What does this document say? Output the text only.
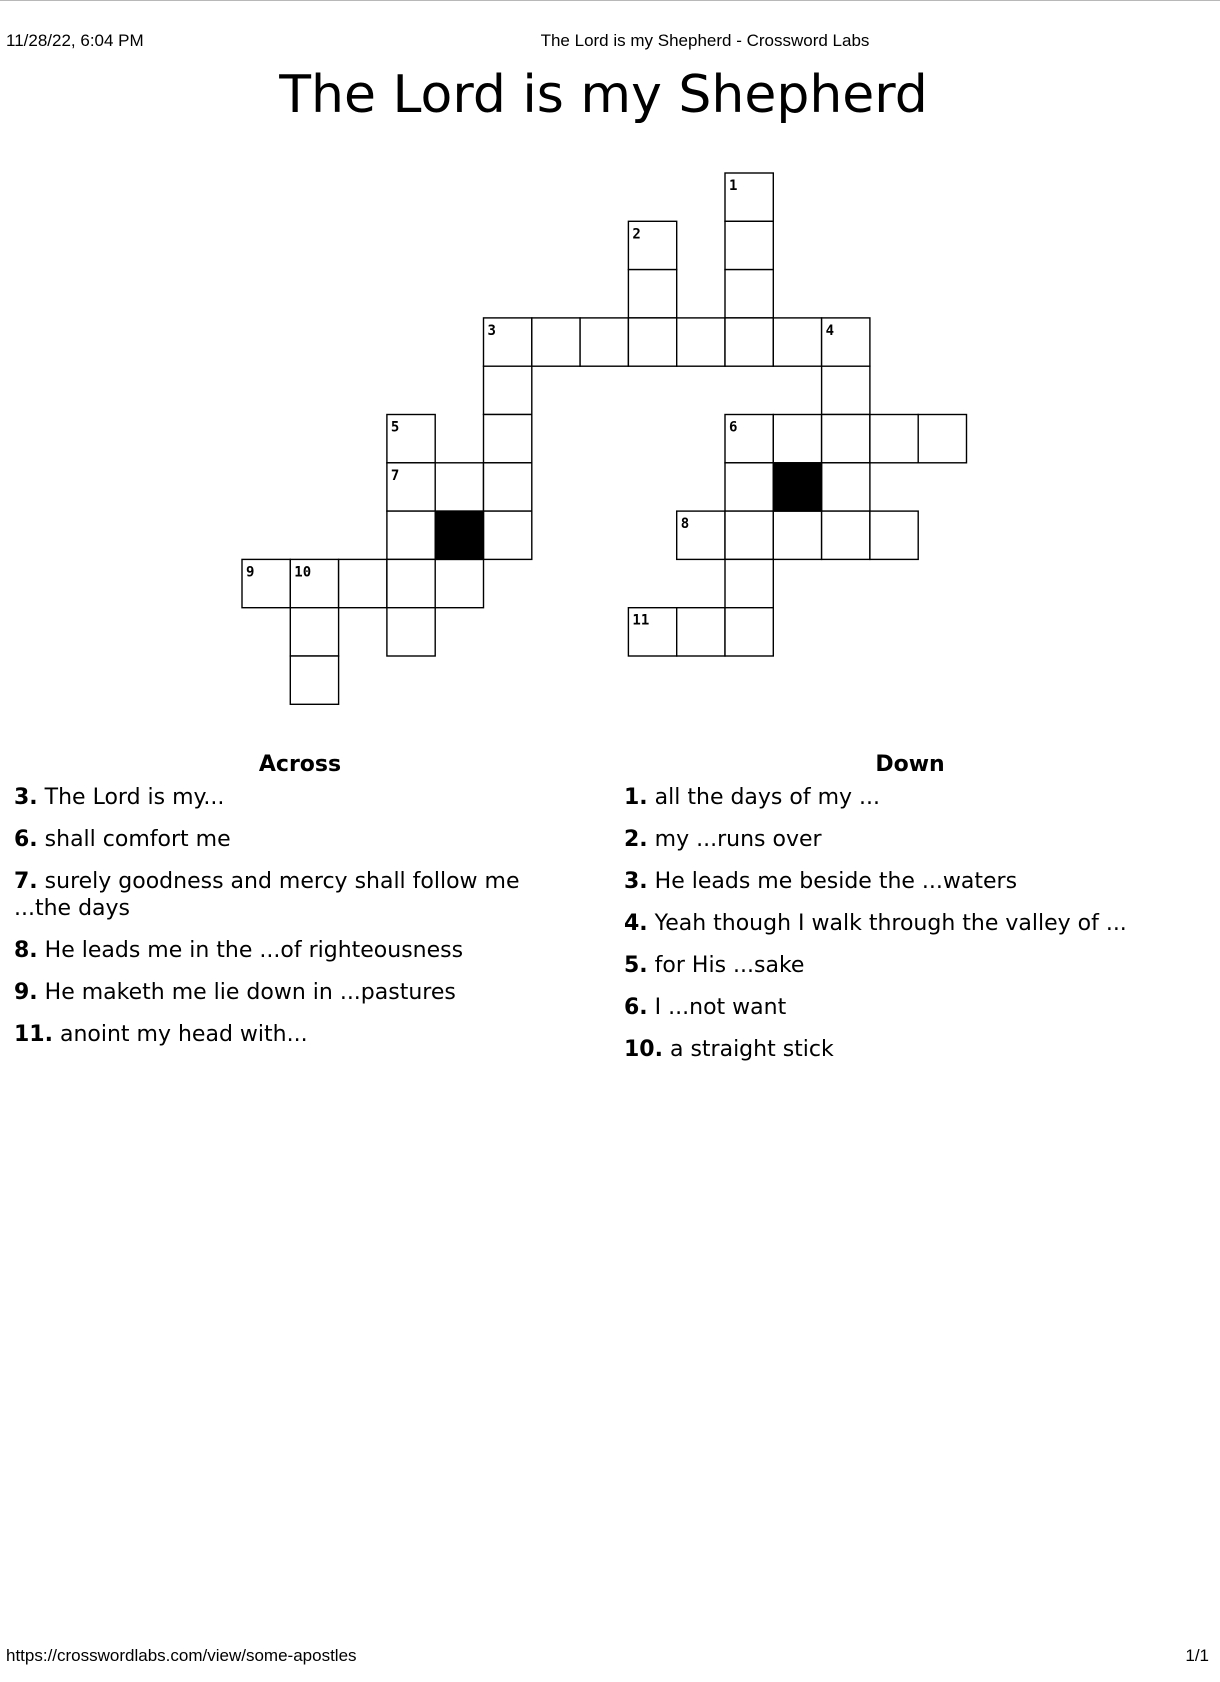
11/28/22, 6:04 PM	The Lord is my Shepherd - Crossword Labs
The Lord is my Shepherd
1
2
3	4
5	6
7
8
9	10
11
Across
3. The Lord is my...
6. shall comfort me
7. surely goodness and mercy shall follow me ...the days
8. He leads me in the ...of righteousness
9. He maketh me lie down in ...pastures
11. anoint my head with...
Down
1. all the days of my ...
2. my ...runs over
3. He leads me beside the ...waters
4. Yeah though I walk through the valley of ...
5. for His ...sake
6. I ...not want
10. a straight stick
https://crosswordlabs.com/view/some-apostles	1/1
